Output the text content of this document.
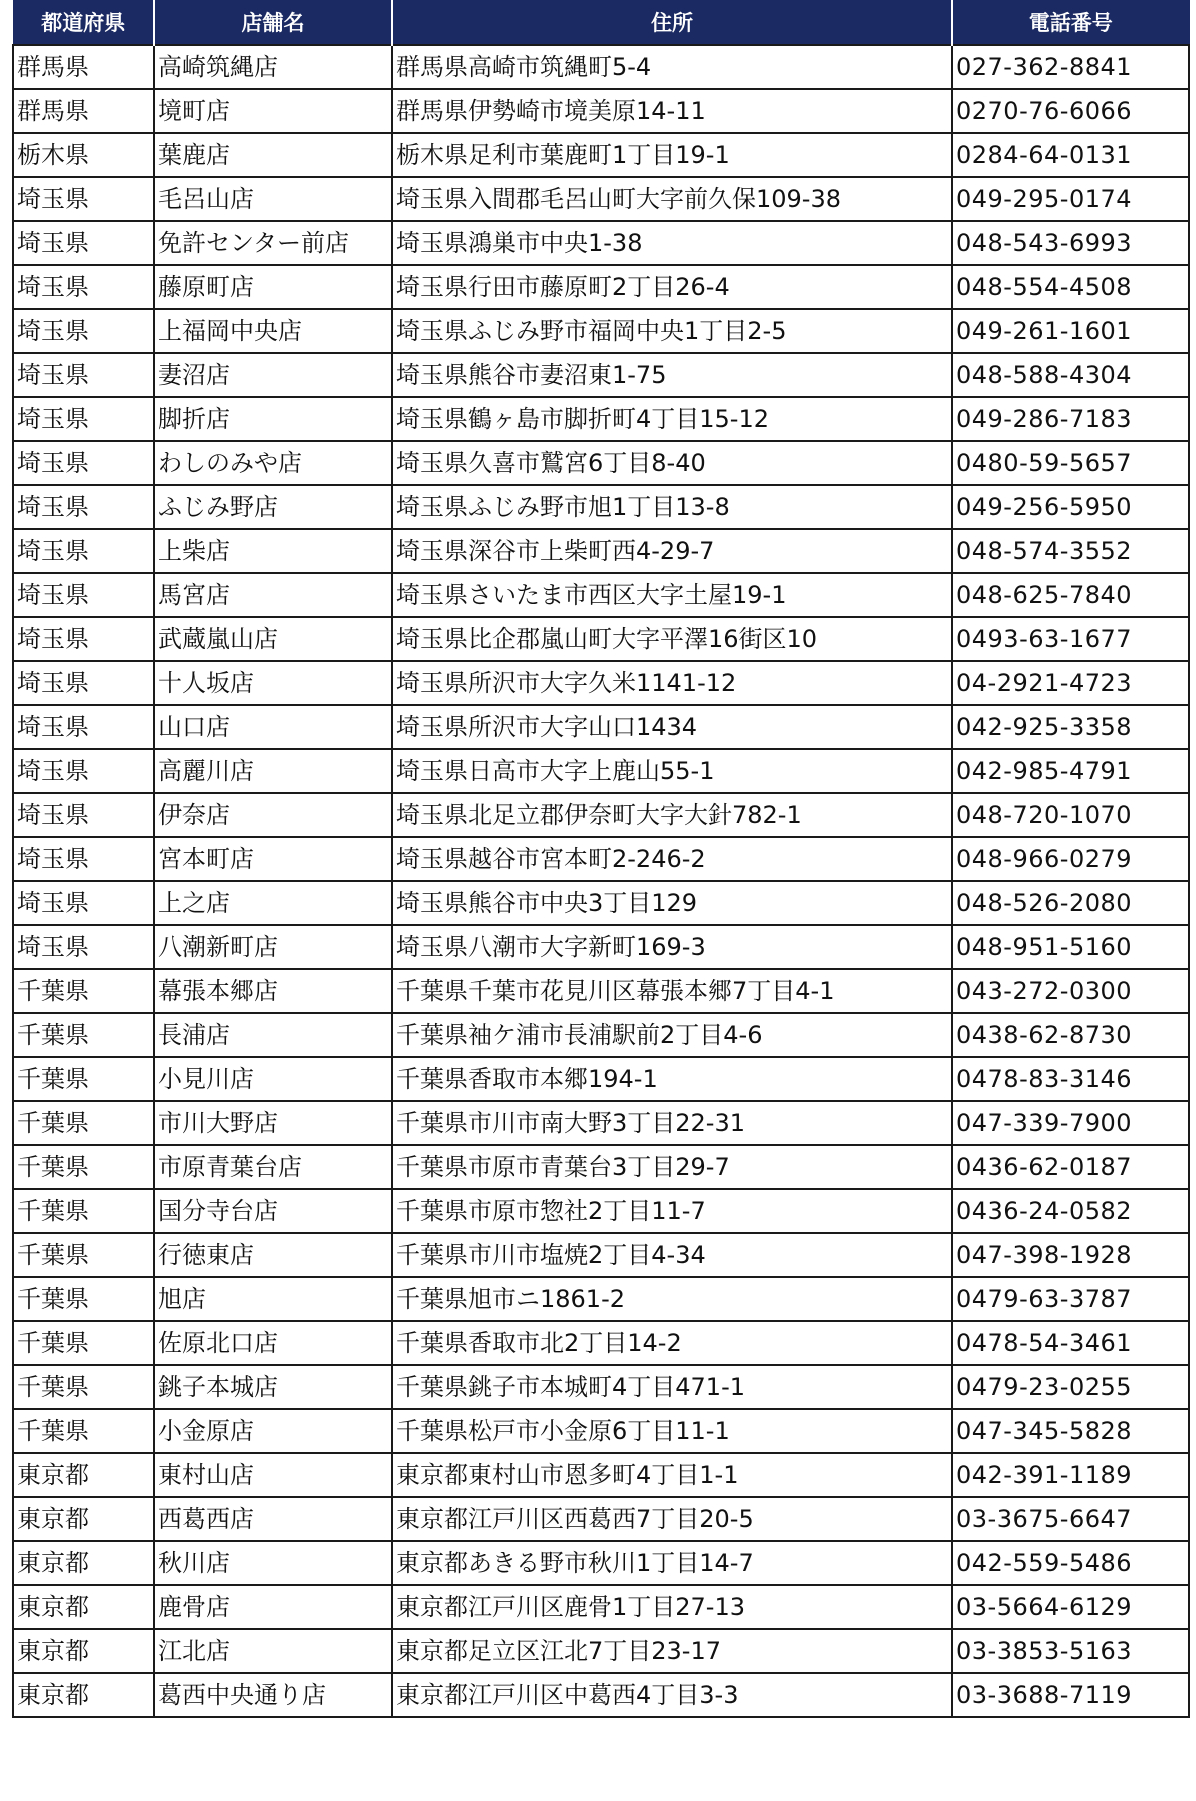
都道府県	店舗名	住所	電話番号
群馬県	高崎筑縄店	群馬県高崎市筑縄町5-4	027-362-8841
群馬県	境町店	群馬県伊勢崎市境美原14-11	0270-76-6066
栃木県	葉鹿店	栃木県足利市葉鹿町1丁目19-1	0284-64-0131
埼玉県	毛呂山店	埼玉県入間郡毛呂山町大字前久保109-38	049-295-0174
埼玉県	免許センター前店	埼玉県鴻巣市中央1-38	048-543-6993
埼玉県	藤原町店	埼玉県行田市藤原町2丁目26-4	048-554-4508
埼玉県	上福岡中央店	埼玉県ふじみ野市福岡中央1丁目2-5	049-261-1601
埼玉県	妻沼店	埼玉県熊谷市妻沼東1-75	048-588-4304
埼玉県	脚折店	埼玉県鶴ヶ島市脚折町4丁目15-12	049-286-7183
埼玉県	わしのみや店	埼玉県久喜市鷲宮6丁目8-40	0480-59-5657
埼玉県	ふじみ野店	埼玉県ふじみ野市旭1丁目13-8	049-256-5950
埼玉県	上柴店	埼玉県深谷市上柴町西4-29-7	048-574-3552
埼玉県	馬宮店	埼玉県さいたま市西区大字土屋19-1	048-625-7840
埼玉県	武蔵嵐山店	埼玉県比企郡嵐山町大字平澤16街区10	0493-63-1677
埼玉県	十人坂店	埼玉県所沢市大字久米1141-12	04-2921-4723
埼玉県	山口店	埼玉県所沢市大字山口1434	042-925-3358
埼玉県	高麗川店	埼玉県日高市大字上鹿山55-1	042-985-4791
埼玉県	伊奈店	埼玉県北足立郡伊奈町大字大針782-1	048-720-1070
埼玉県	宮本町店	埼玉県越谷市宮本町2-246-2	048-966-0279
埼玉県	上之店	埼玉県熊谷市中央3丁目129	048-526-2080
埼玉県	八潮新町店	埼玉県八潮市大字新町169-3	048-951-5160
千葉県	幕張本郷店	千葉県千葉市花見川区幕張本郷7丁目4-1	043-272-0300
千葉県	長浦店	千葉県袖ケ浦市長浦駅前2丁目4-6	0438-62-8730
千葉県	小見川店	千葉県香取市本郷194-1	0478-83-3146
千葉県	市川大野店	千葉県市川市南大野3丁目22-31	047-339-7900
千葉県	市原青葉台店	千葉県市原市青葉台3丁目29-7	0436-62-0187
千葉県	国分寺台店	千葉県市原市惣社2丁目11-7	0436-24-0582
千葉県	行徳東店	千葉県市川市塩焼2丁目4-34	047-398-1928
千葉県	旭店	千葉県旭市ニ1861-2	0479-63-3787
千葉県	佐原北口店	千葉県香取市北2丁目14-2	0478-54-3461
千葉県	銚子本城店	千葉県銚子市本城町4丁目471-1	0479-23-0255
千葉県	小金原店	千葉県松戸市小金原6丁目11-1	047-345-5828
東京都	東村山店	東京都東村山市恩多町4丁目1-1	042-391-1189
東京都	西葛西店	東京都江戸川区西葛西7丁目20-5	03-3675-6647
東京都	秋川店	東京都あきる野市秋川1丁目14-7	042-559-5486
東京都	鹿骨店	東京都江戸川区鹿骨1丁目27-13	03-5664-6129
東京都	江北店	東京都足立区江北7丁目23-17	03-3853-5163
東京都	葛西中央通り店	東京都江戸川区中葛西4丁目3-3	03-3688-7119
